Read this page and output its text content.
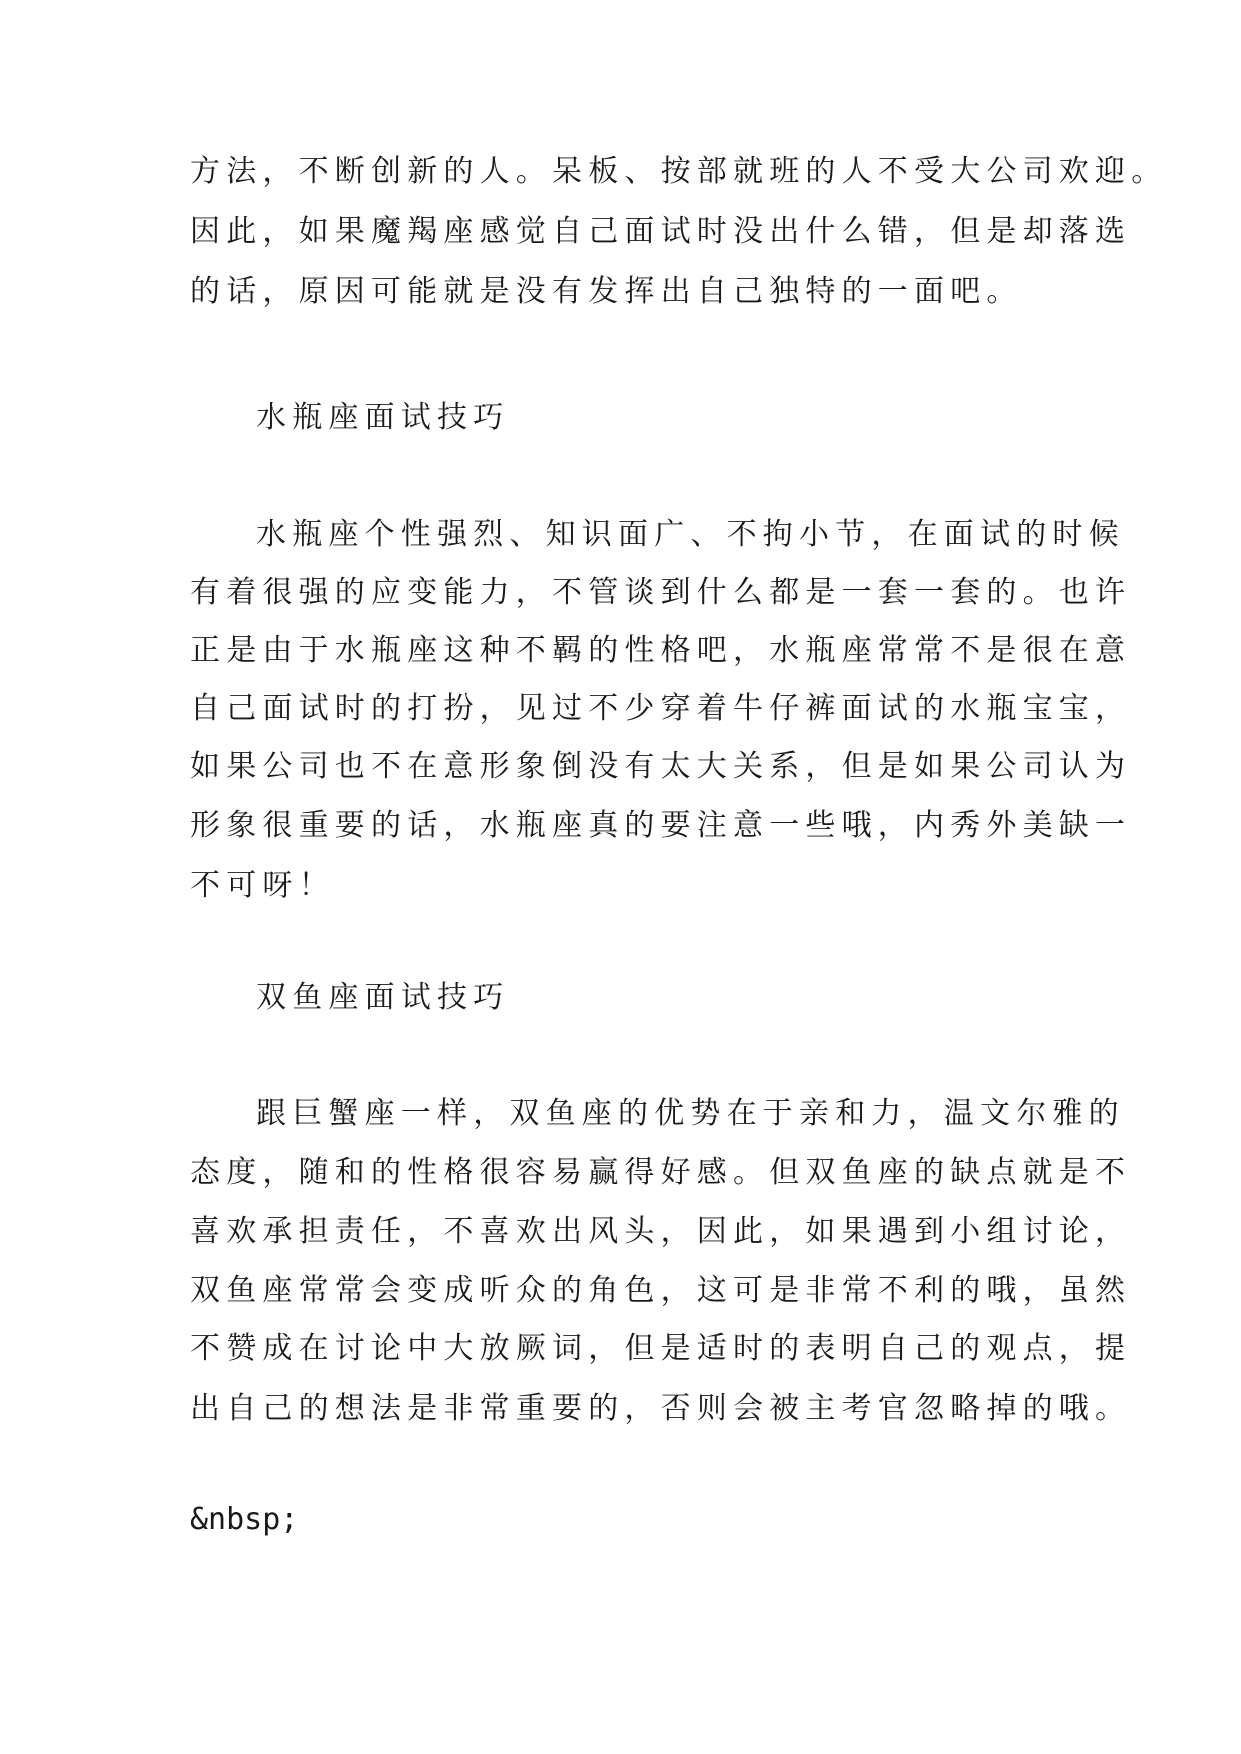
方法，不断创新的人。呆板、按部就班的人不受大公司欢迎。
因此，如果魔羯座感觉自己面试时没出什么错，但是却落选
的话，原因可能就是没有发挥出自己独特的一面吧。
水瓶座面试技巧
水瓶座个性强烈、知识面广、不拘小节，在面试的时候
有着很强的应变能力，不管谈到什么都是一套一套的。也许
正是由于水瓶座这种不羁的性格吧，水瓶座常常不是很在意
自己面试时的打扮，见过不少穿着牛仔裤面试的水瓶宝宝，
如果公司也不在意形象倒没有太大关系，但是如果公司认为
形象很重要的话，水瓶座真的要注意一些哦，内秀外美缺一
不可呀！
双鱼座面试技巧
跟巨蟹座一样，双鱼座的优势在于亲和力，温文尔雅的
态度，随和的性格很容易赢得好感。但双鱼座的缺点就是不
喜欢承担责任，不喜欢出风头，因此，如果遇到小组讨论，
双鱼座常常会变成听众的角色，这可是非常不利的哦，虽然
不赞成在讨论中大放厥词，但是适时的表明自己的观点，提
出自己的想法是非常重要的，否则会被主考官忽略掉的哦。
&nbsp;
